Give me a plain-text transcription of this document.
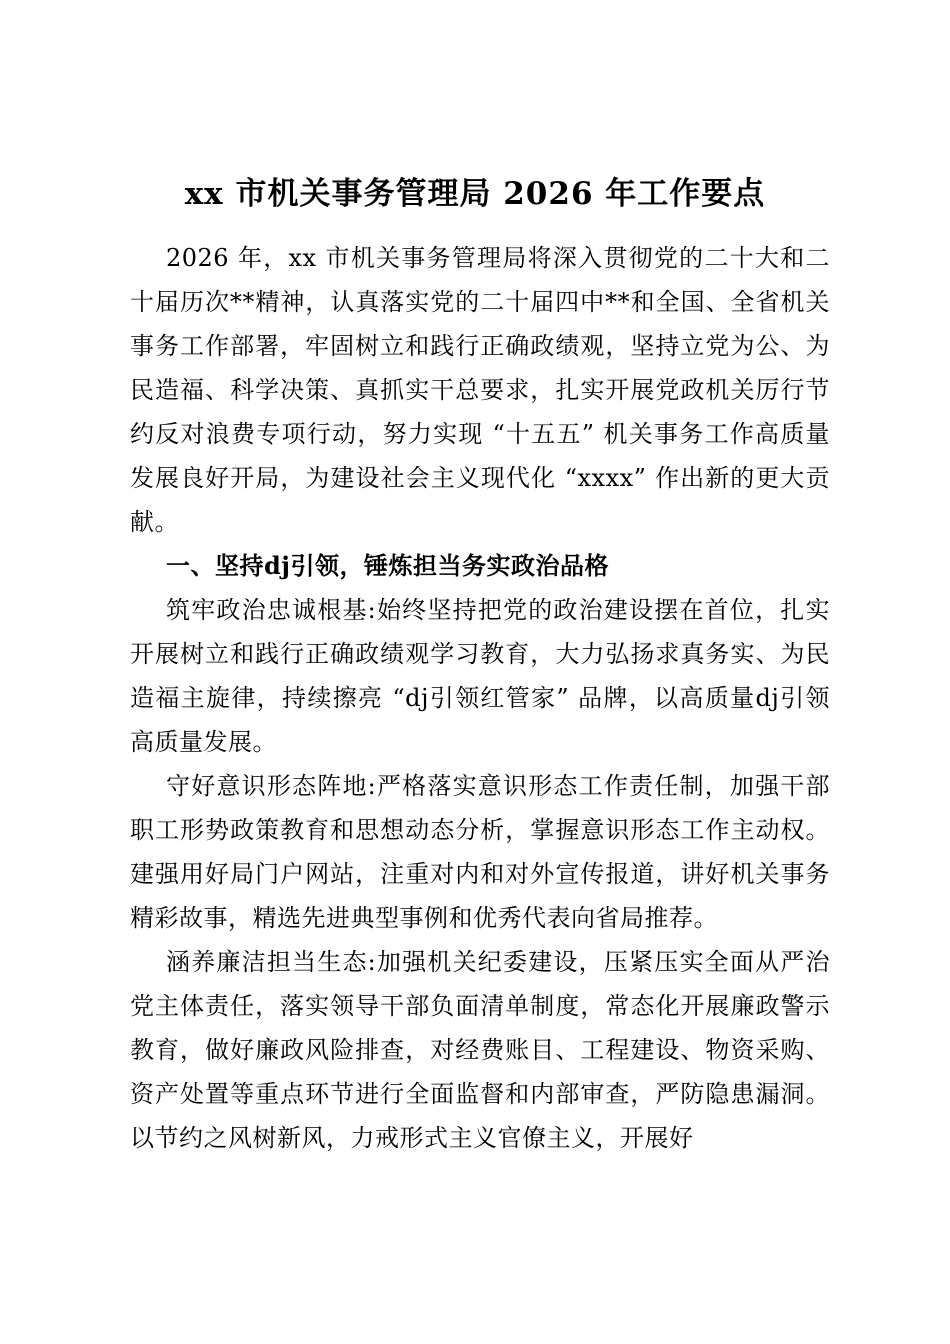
xx 市机关事务管理局 2026 年工作要点

2026 年，xx 市机关事务管理局将深入贯彻党的二十大和二十届历次**精神，认真落实党的二十届四中**和全国、全省机关事务工作部署，牢固树立和践行正确政绩观，坚持立党为公、为民造福、科学决策、真抓实干总要求，扎实开展党政机关厉行节约反对浪费专项行动，努力实现 “十五五” 机关事务工作高质量发展良好开局，为建设社会主义现代化 “xxxx” 作出新的更大贡献。

一、坚持dj引领，锤炼担当务实政治品格

筑牢政治忠诚根基:始终坚持把党的政治建设摆在首位，扎实开展树立和践行正确政绩观学习教育，大力弘扬求真务实、为民造福主旋律，持续擦亮 “dj引领红管家” 品牌，以高质量dj引领高质量发展。

守好意识形态阵地:严格落实意识形态工作责任制，加强干部职工形势政策教育和思想动态分析，掌握意识形态工作主动权。建强用好局门户网站，注重对内和对外宣传报道，讲好机关事务精彩故事，精选先进典型事例和优秀代表向省局推荐。

涵养廉洁担当生态:加强机关纪委建设，压紧压实全面从严治党主体责任，落实领导干部负面清单制度，常态化开展廉政警示教育，做好廉政风险排查，对经费账目、工程建设、物资采购、资产处置等重点环节进行全面监督和内部审查，严防隐患漏洞。以节约之风树新风，力戒形式主义官僚主义，开展好
